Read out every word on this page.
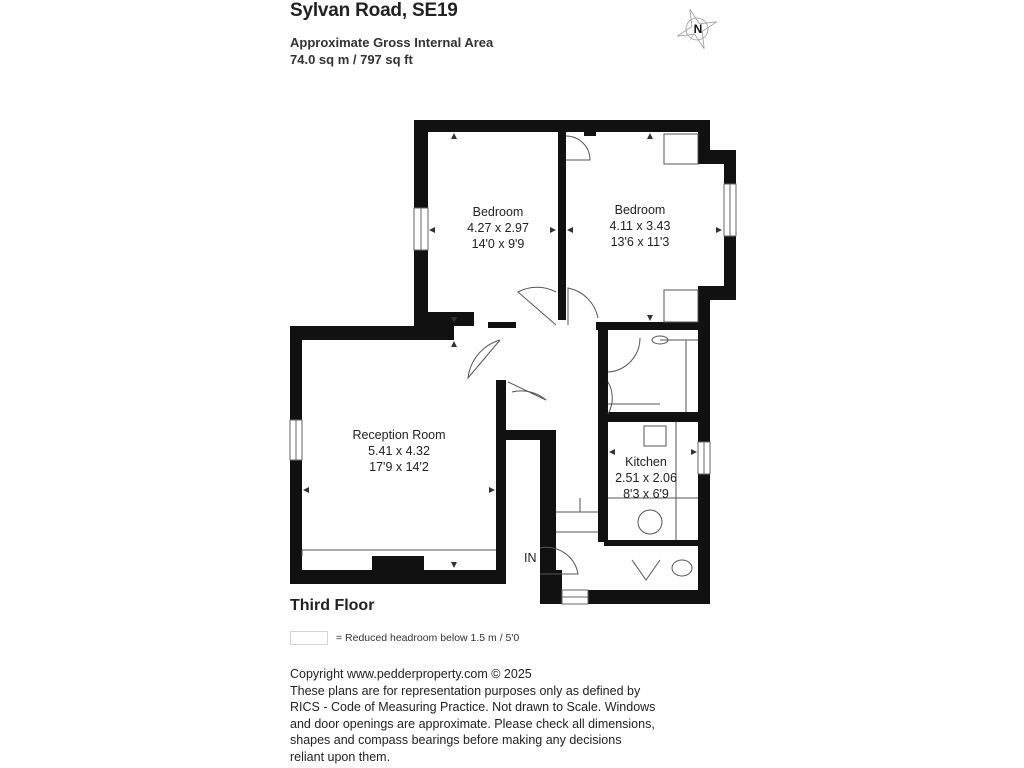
Sylvan Road, SE19
Approximate Gross Internal Area
74.0 sq m / 797 sq ft
N
Bedroom
4.27 x 2.97
14'0 x 9'9
Bedroom
4.11 x 3.43
13'6 x 11'3
Reception Room
5.41 x 4.32
17'9 x 14'2	Kitchen
2.51 x 2.06
8'3 x 6'9
IN
Third Floor
= Reduced headroom below 1.5 m / 5'0
Copyright www.pedderproperty.com © 2025
These plans are for representation purposes only as defined by
RICS - Code of Measuring Practice. Not drawn to Scale. Windows
and door openings are approximate. Please check all dimensions,
shapes and compass bearings before making any decisions
reliant upon them.
